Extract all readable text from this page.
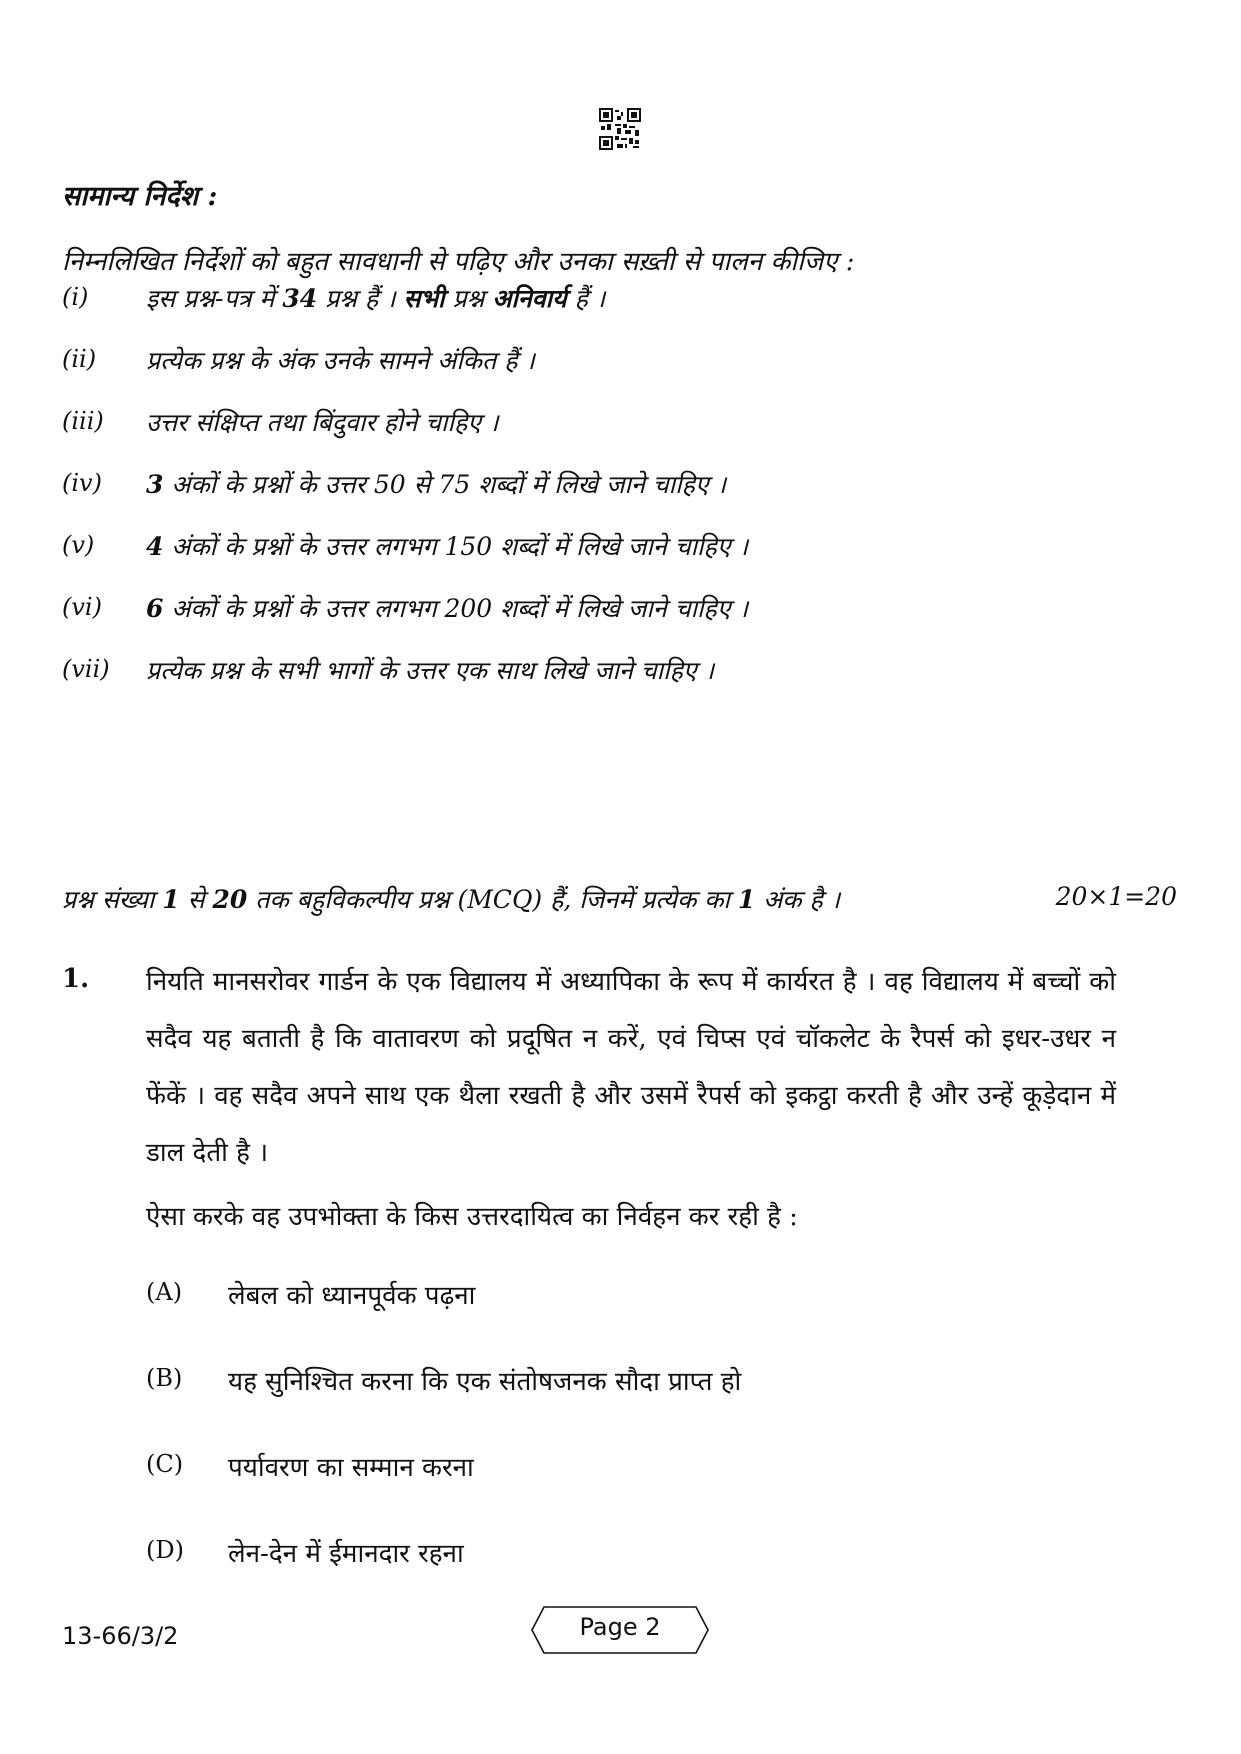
सामान्य निर्देश :
निम्नलिखित निर्देशों को बहुत सावधानी से पढ़िए और उनका सख़्ती से पालन कीजिए :
(i) इस प्रश्न-पत्र में 34 प्रश्न हैं । सभी प्रश्न अनिवार्य हैं ।
(ii) प्रत्येक प्रश्न के अंक उनके सामने अंकित हैं ।
(iii) उत्तर संक्षिप्त तथा बिंदुवार होने चाहिए ।
(iv) 3 अंकों के प्रश्नों के उत्तर 50 से 75 शब्दों में लिखे जाने चाहिए ।
(v) 4 अंकों के प्रश्नों के उत्तर लगभग 150 शब्दों में लिखे जाने चाहिए ।
(vi) 6 अंकों के प्रश्नों के उत्तर लगभग 200 शब्दों में लिखे जाने चाहिए ।
(vii) प्रत्येक प्रश्न के सभी भागों के उत्तर एक साथ लिखे जाने चाहिए ।
प्रश्न संख्या 1 से 20 तक बहुविकल्पीय प्रश्न (MCQ) हैं, जिनमें प्रत्येक का 1 अंक है ।	20×1=20
1. नियति मानसरोवर गार्डन के एक विद्यालय में अध्यापिका के रूप में कार्यरत है । वह विद्यालय में बच्चों को सदैव यह बताती है कि वातावरण को प्रदूषित न करें, एवं चिप्स एवं चॉकलेट के रैपर्स को इधर-उधर न फेंकें । वह सदैव अपने साथ एक थैला रखती है और उसमें रैपर्स को इकट्ठा करती है और उन्हें कूड़ेदान में डाल देती है ।
ऐसा करके वह उपभोक्ता के किस उत्तरदायित्व का निर्वहन कर रही है :
(A) लेबल को ध्यानपूर्वक पढ़ना
(B) यह सुनिश्चित करना कि एक संतोषजनक सौदा प्राप्त हो
(C) पर्यावरण का सम्मान करना
(D) लेन-देन में ईमानदार रहना
13-66/3/2	Page 2
